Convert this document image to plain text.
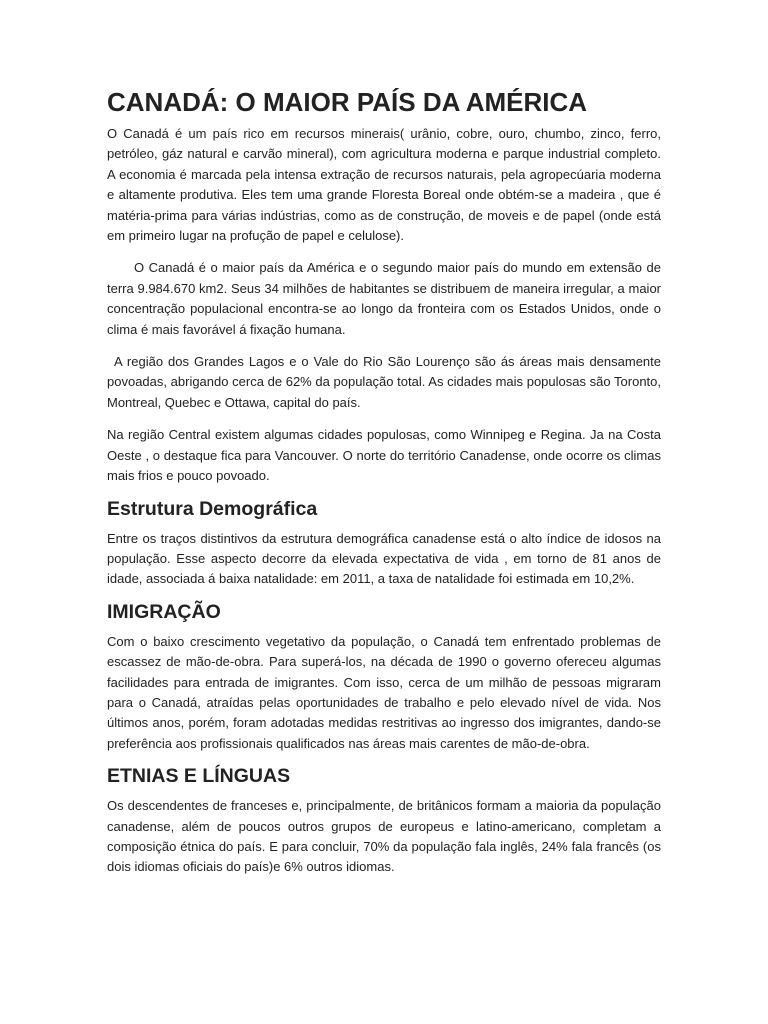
CANADÁ: O MAIOR PAÍS DA AMÉRICA

O Canadá é um país rico em recursos minerais( urânio, cobre, ouro, chumbo, zinco, ferro, petróleo, gáz natural e carvão mineral), com agricultura moderna e parque industrial completo. A economia é marcada pela intensa extração de recursos naturais, pela agropecúaria moderna e altamente produtiva. Eles tem uma grande Floresta Boreal onde obtém-se a madeira , que é matéria-prima para várias indústrias, como as de construção, de moveis e de papel (onde está em primeiro lugar na profução de papel e celulose).

O Canadá é o maior país da América e o segundo maior país do mundo em extensão de terra 9.984.670 km2. Seus 34 milhões de habitantes se distribuem de maneira irregular, a maior concentração populacional encontra-se ao longo da fronteira com os Estados Unidos, onde o clima é mais favorável á fixação humana.

A região dos Grandes Lagos e o Vale do Rio São Lourenço são ás áreas mais densamente povoadas, abrigando cerca de 62% da população total. As cidades mais populosas são Toronto, Montreal, Quebec e Ottawa, capital do país.

Na região Central existem algumas cidades populosas, como Winnipeg e Regina. Ja na Costa Oeste , o destaque fica para Vancouver. O norte do território Canadense, onde ocorre os climas mais frios e pouco povoado.

Estrutura Demográfica

Entre os traços distintivos da estrutura demográfica canadense está o alto índice de idosos na população. Esse aspecto decorre da elevada expectativa de vida , em torno de 81 anos de idade, associada á baixa natalidade: em 2011, a taxa de natalidade foi estimada em 10,2%.

IMIGRAÇÃO

Com o baixo crescimento vegetativo da população, o Canadá tem enfrentado problemas de escassez de mão-de-obra. Para superá-los, na década de 1990 o governo ofereceu algumas facilidades para entrada de imigrantes. Com isso, cerca de um milhão de pessoas migraram para o Canadá, atraídas pelas oportunidades de trabalho e pelo elevado nível de vida. Nos últimos anos, porém, foram adotadas medidas restritivas ao ingresso dos imigrantes, dando-se preferência aos profissionais qualificados nas áreas mais carentes de mão-de-obra.

ETNIAS E LÍNGUAS

Os descendentes de franceses e, principalmente, de britânicos formam a maioria da população canadense, além de poucos outros grupos de europeus e latino-americano, completam a composição étnica do país. E para concluir, 70% da população fala inglês, 24% fala francês (os dois idiomas oficiais do país)e 6% outros idiomas.
